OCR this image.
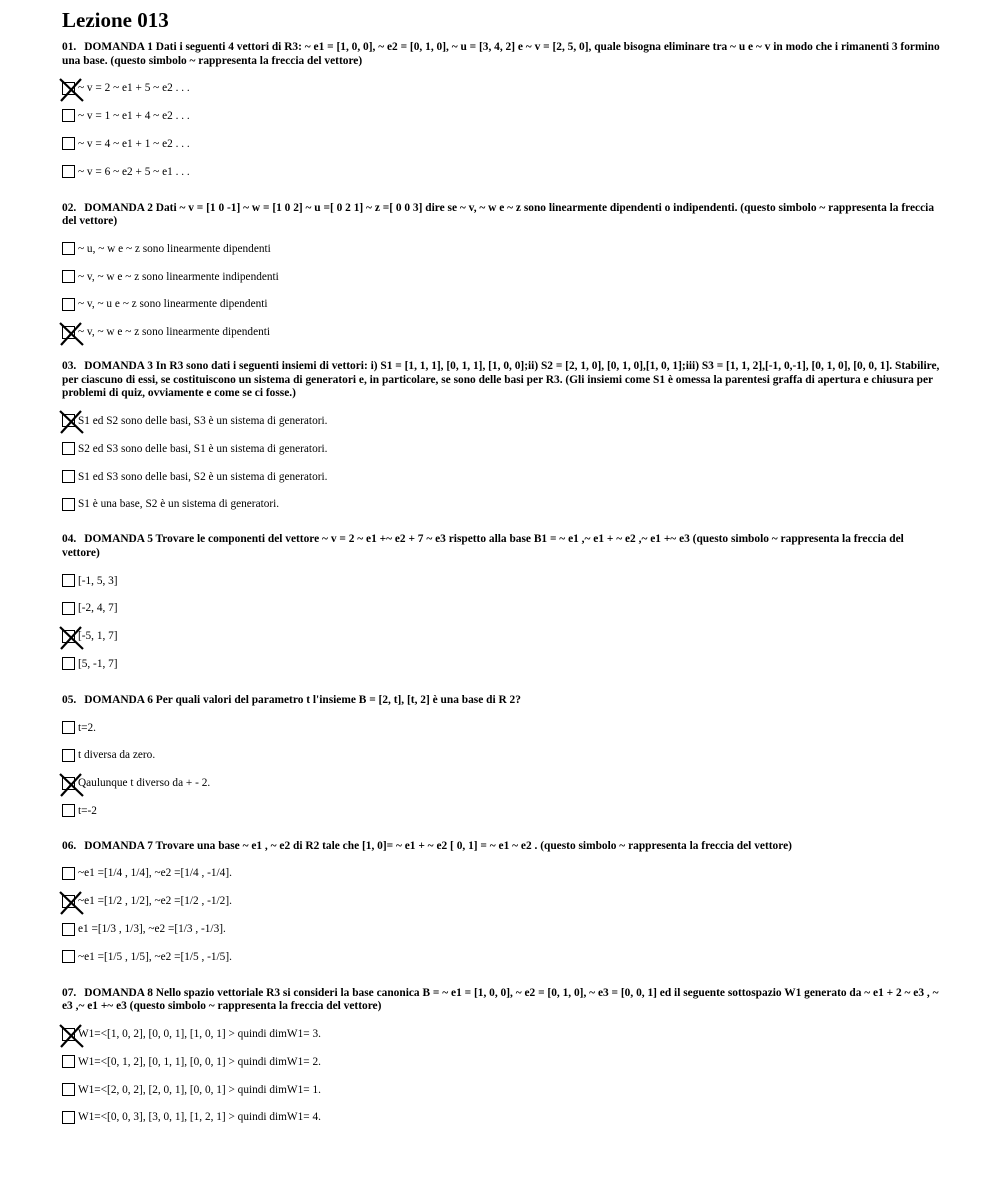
Lezione 013

01. DOMANDA 1 Dati i seguenti 4 vettori di R3: ~ e1 = [1, 0, 0], ~ e2 = [0, 1, 0], ~ u = [3, 4, 2] e ~ v = [2, 5, 0], quale bisogna eliminare tra ~ u e ~ v in modo che i rimanenti 3 formino una base. (questo simbolo ~ rappresenta la freccia del vettore)

~ v = 2 ~ e1 + 5 ~ e2 . . .
~ v = 1 ~ e1 + 4 ~ e2 . . .
~ v = 4 ~ e1 + 1 ~ e2 . . .
~ v = 6 ~ e2 + 5 ~ e1 . . .

02. DOMANDA 2 Dati ~ v = [1 0 -1] ~ w = [1 0 2] ~ u =[ 0 2 1] ~ z =[ 0 0 3] dire se ~ v, ~ w e ~ z sono linearmente dipendenti o indipendenti. (questo simbolo ~ rappresenta la freccia del vettore)

~ u, ~ w e ~ z sono linearmente dipendenti
~ v, ~ w e ~ z sono linearmente indipendenti
~ v, ~ u e ~ z sono linearmente dipendenti
~ v, ~ w e ~ z sono linearmente dipendenti

03. DOMANDA 3 In R3 sono dati i seguenti insiemi di vettori: i) S1 = [1, 1, 1], [0, 1, 1], [1, 0, 0];ii) S2 = [2, 1, 0], [0, 1, 0],[1, 0, 1];iii) S3 = [1, 1, 2],[-1, 0,-1], [0, 1, 0], [0, 0, 1]. Stabilire, per ciascuno di essi, se costituiscono un sistema di generatori e, in particolare, se sono delle basi per R3. (Gli insiemi come S1 è omessa la parentesi graffa di apertura e chiusura per problemi di quiz, ovviamente e come se ci fosse.)

S1 ed S2 sono delle basi, S3 è un sistema di generatori.
S2 ed S3 sono delle basi, S1 è un sistema di generatori.
S1 ed S3 sono delle basi, S2 è un sistema di generatori.
S1 è una base, S2 è un sistema di generatori.

04. DOMANDA 5 Trovare le componenti del vettore ~ v = 2 ~ e1 +~ e2 + 7 ~ e3 rispetto alla base B1 = ~ e1 ,~ e1 + ~ e2 ,~ e1 +~ e3 (questo simbolo ~ rappresenta la freccia del vettore)

[-1, 5, 3]
[-2, 4, 7]
[-5, 1, 7]
[5, -1, 7]

05. DOMANDA 6 Per quali valori del parametro t l'insieme B = [2, t], [t, 2] è una base di R 2?

t=2.
t diversa da zero.
Qaulunque t diverso da + - 2.
t=-2

06. DOMANDA 7 Trovare una base ~ e1 , ~ e2 di R2 tale che [1, 0]= ~ e1 + ~ e2 [ 0, 1] = ~ e1 ~ e2 . (questo simbolo ~ rappresenta la freccia del vettore)

~e1 =[1/4 , 1/4], ~e2 =[1/4 , -1/4].
~e1 =[1/2 , 1/2], ~e2 =[1/2 , -1/2].
e1 =[1/3 , 1/3], ~e2 =[1/3 , -1/3].
~e1 =[1/5 , 1/5], ~e2 =[1/5 , -1/5].

07. DOMANDA 8 Nello spazio vettoriale R3 si consideri la base canonica B = ~ e1 = [1, 0, 0], ~ e2 = [0, 1, 0], ~ e3 = [0, 0, 1] ed il seguente sottospazio W1 generato da ~ e1 + 2 ~ e3 , ~ e3 ,~ e1 +~ e3 (questo simbolo ~ rappresenta la freccia del vettore)

W1=<[1, 0, 2], [0, 0, 1], [1, 0, 1] > quindi dimW1= 3.
W1=<[0, 1, 2], [0, 1, 1], [0, 0, 1] > quindi dimW1= 2.
W1=<[2, 0, 2], [2, 0, 1], [0, 0, 1] > quindi dimW1= 1.
W1=<[0, 0, 3], [3, 0, 1], [1, 2, 1] > quindi dimW1= 4.
